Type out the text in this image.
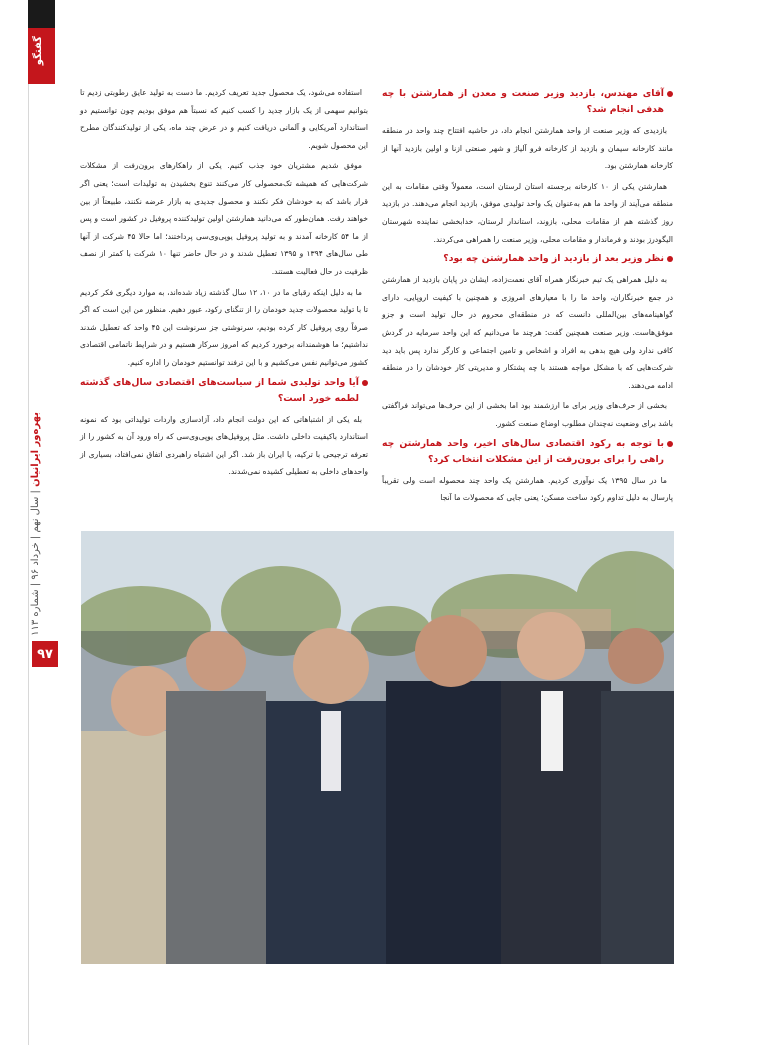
گفتگو
بهره‌ور ایرانیان | سال نهم | خرداد ۹۶ | شماره ۱۱۳
۹۷
آقای مهندس، بازدید وزیر صنعت و معدن از همارشتن با چه هدفی انجام شد؟

بازدیدی که وزیر صنعت از واحد همارشتن انجام داد، در حاشیه افتتاح چند واحد در منطقه مانند کارخانه سیمان و بازدید از کارخانه فرو آلیاژ و شهر صنعتی ازنا و اولین بازدید آنها از کارخانه همارشتن بود.

همارشتن یکی از ۱۰ کارخانه برجسته استان لرستان است، معمولاً وقتی مقامات به این منطقه می‌آیند از واحد ما هم به‌عنوان یک واحد تولیدی موفق، بازدید انجام می‌دهند. در بازدید روز گذشته هم از مقامات محلی، بازوند، استاندار لرستان، خدابخشی نماینده شهرستان الیگودرز بودند و فرماندار و مقامات محلی، وزیر صنعت را همراهی می‌کردند.

نظر وزیر بعد از بازدید از واحد همارشتن چه بود؟

به دلیل همراهی یک تیم خبرنگار همراه آقای نعمت‌زاده، ایشان در پایان بازدید از همارشتن در جمع خبرنگاران، واحد ما را با معیارهای امروزی و همچنین با کیفیت اروپایی، دارای گواهینامه‌های بین‌المللی دانست که در منطقه‌ای محروم در حال تولید است و جزو موفق‌هاست. وزیر صنعت همچنین گفت: هرچند ما می‌دانیم که این واحد سرمایه در گردش کافی ندارد ولی هیچ بدهی به افراد و اشخاص و تامین اجتماعی و کارگر ندارد پس باید دید شرکت‌هایی که با مشکل مواجه هستند با چه پشتکار و مدیریتی کار خودشان را در منطقه ادامه می‌دهند.

بخشی از حرف‌های وزیر برای ما ارزشمند بود اما بخشی از این حرف‌ها می‌تواند فراگفتی باشد برای وضعیت نه‌چندان مطلوب اوضاع صنعت کشور.

با توجه به رکود اقتصادی سال‌های اخیر، واحد همارشتن چه راهی را برای برون‌رفت از این مشکلات انتخاب کرد؟

ما در سال ۱۳۹۵ یک نوآوری کردیم. همارشتن یک واحد چند محصوله است ولی تقریباً پارسال به دلیل تداوم رکود ساخت مسکن؛ یعنی جایی که محصولات ما آنجا

استفاده می‌شود، یک محصول جدید تعریف کردیم. ما دست به تولید عایق رطوبتی زدیم تا بتوانیم سهمی از یک بازار جدید را کسب کنیم که نسبتاً هم موفق بودیم چون توانستیم دو استاندارد آمریکایی و آلمانی دریافت کنیم و در عرض چند ماه، یکی از تولیدکنندگان مطرح این محصول شویم.

موفق شدیم مشتریان خود جذب کنیم. یکی از راهکارهای برون‌رفت از مشکلات شرکت‌هایی که همیشه تک‌محصولی کار می‌کنند تنوع بخشیدن به تولیدات است؛ یعنی اگر قرار باشد که به خودشان فکر نکنند و محصول جدیدی به بازار عرضه نکنند، طبیعتاً از بین خواهند رفت. همان‌طور که می‌دانید همارشتن اولین تولیدکننده پروفیل در کشور است و پس از ما ۵۴ کارخانه آمدند و به تولید پروفیل یو‌پی‌وی‌سی پرداختند؛ اما حالا ۴۵ شرکت از آنها طی سال‌های ۱۳۹۴ و ۱۳۹۵ تعطیل شدند و در حال حاضر تنها ۱۰ شرکت با کمتر از نصف ظرفیت در حال فعالیت هستند.

ما به دلیل اینکه رقبای ما در ۱۰، ۱۲ سال گذشته زیاد شده‌اند، به موارد دیگری فکر کردیم تا با تولید محصولات جدید خودمان را از تنگنای رکود، عبور دهیم. منظور من این است که اگر صرفاً روی پروفیل کار کرده بودیم، سرنوشتی جز سرنوشت این ۴۵ واحد که تعطیل شدند نداشتیم؛ ما هوشمندانه برخورد کردیم که امروز سرکار هستیم و در شرایط ناتمامی اقتصادی کشور می‌توانیم نفس می‌کشیم و با این ترفند توانستیم خودمان را اداره کنیم.

آیا واحد تولیدی شما از سیاست‌های اقتصادی سال‌های گذشته لطمه خورد است؟

بله یکی از اشتباهاتی که این دولت انجام داد، آزادسازی واردات تولیداتی بود که نمونه استاندارد باکیفیت داخلی داشت. مثل پروفیل‌های یو‌پی‌وی‌سی که راه ورود آن به کشور را از تعرفه ترجیحی با ترکیه، یا ایران باز شد. اگر این اشتباه راهبردی اتفاق نمی‌افتاد، بسیاری از واحدهای داخلی به تعطیلی کشیده نمی‌شدند.
